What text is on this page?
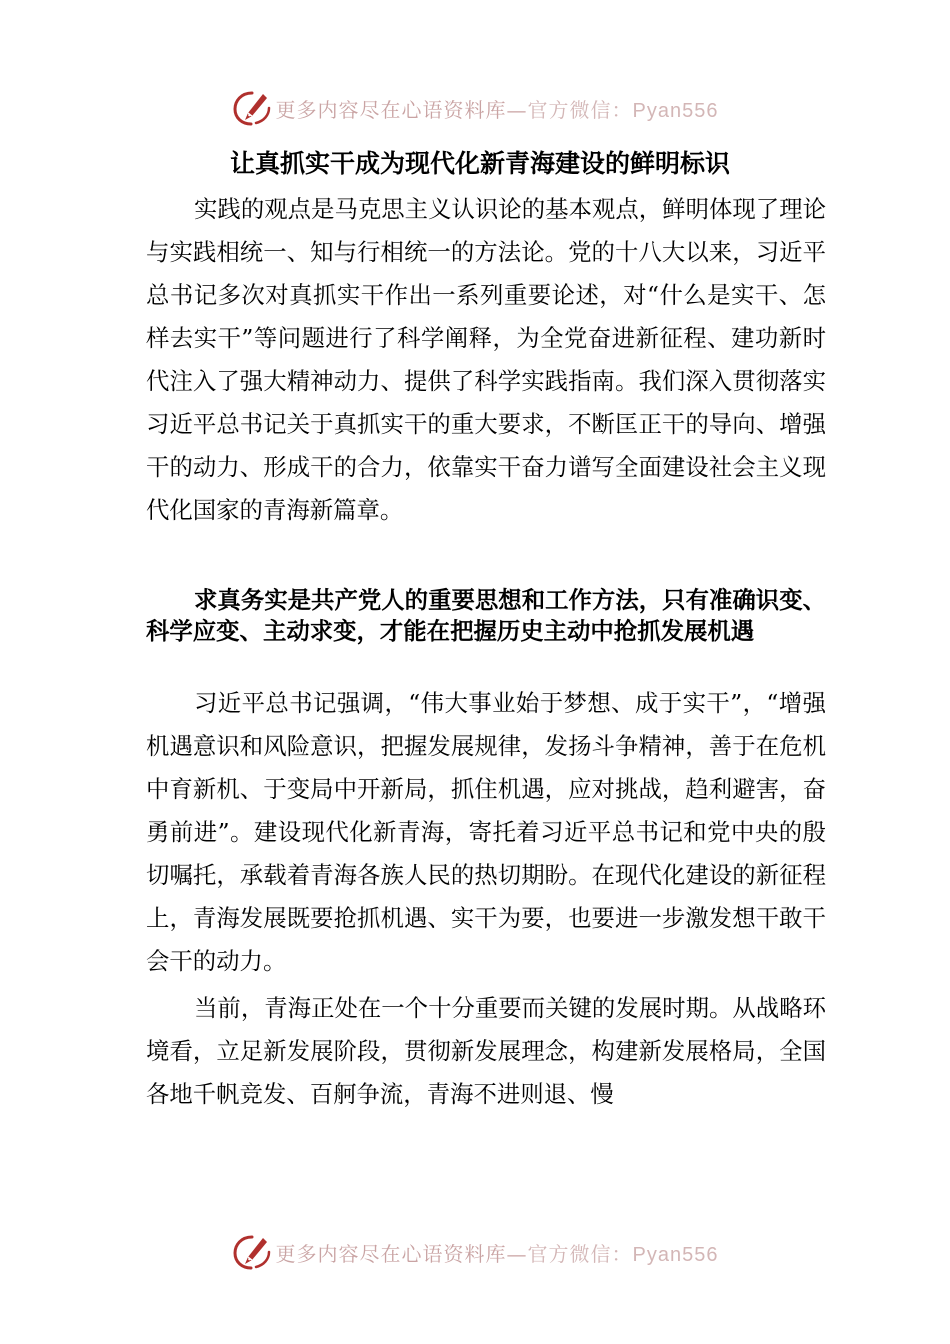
更多内容尽在心语资料库— 官方微信：Pyan556
让真抓实干成为现代化新青海建设的鲜明标识

实践的观点是马克思主义认识论的基本观点，鲜明体现了理论与实践相统一、知与行相统一的方法论。党的十八大以来，习近平总书记多次对真抓实干作出一系列重要论述，对“什么是实干、怎样去实干”等问题进行了科学阐释，为全党奋进新征程、建功新时代注入了强大精神动力、提供了科学实践指南。我们深入贯彻落实习近平总书记关于真抓实干的重大要求，不断匡正干的导向、增强干的动力、形成干的合力，依靠实干奋力谱写全面建设社会主义现代化国家的青海新篇章。

求真务实是共产党人的重要思想和工作方法，只有准确识变、科学应变、主动求变，才能在把握历史主动中抢抓发展机遇

习近平总书记强调，“伟大事业始于梦想、成于实干”，“增强机遇意识和风险意识，把握发展规律，发扬斗争精神，善于在危机中育新机、于变局中开新局，抓住机遇，应对挑战，趋利避害，奋勇前进”。建设现代化新青海，寄托着习近平总书记和党中央的殷切嘱托，承载着青海各族人民的热切期盼。在现代化建设的新征程上，青海发展既要抢抓机遇、实干为要，也要进一步激发想干敢干会干的动力。

当前，青海正处在一个十分重要而关键的发展时期。从战略环境看，立足新发展阶段，贯彻新发展理念，构建新发展格局，全国各地千帆竞发、百舸争流，青海不进则退、慢

更多内容尽在心语资料库— 官方微信：Pyan556
